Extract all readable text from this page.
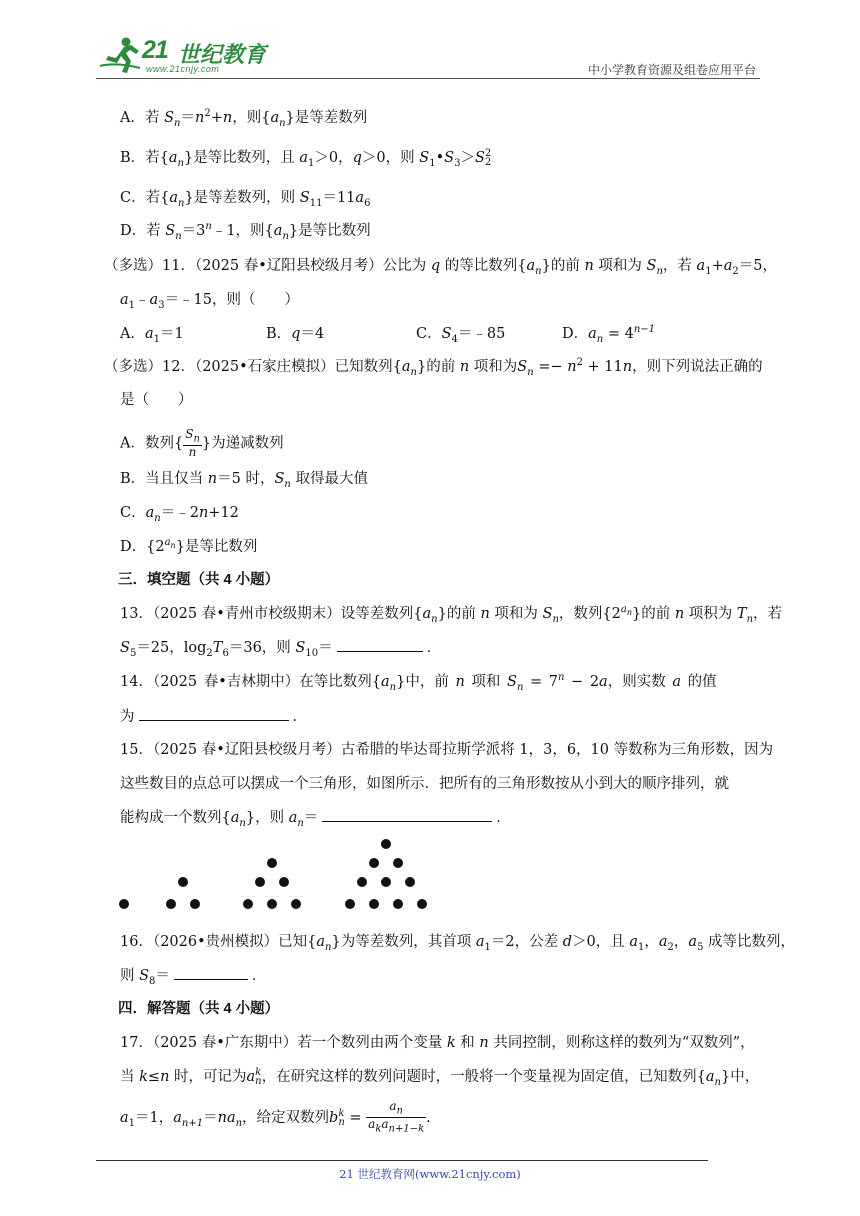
21 世纪教育
www.21cnjy.com	中小学教育资源及组卷应用平台
A．若 $S_n=n^2+n$，则$\{a_n\}$是等差数列
B．若$\{a_n\}$是等比数列，且 $a_1>0$，q＞0，则 $S_1•S_3>S$ 2
2
C．若$\{a_n\}$是等差数列，则 $S_{11}=11a_6$
D．若 $S_n=3^n﹣1$，则$\{a_n\}$是等比数列
（多选）11．（2025 春•辽阳县校级月考）公比为 q 的等比数列$\{a_n\}$的前 n 项和为 $S_n$，若 $a_1+a_2=5$，
$a_1﹣a_3=﹣15$，则（　　）
A．$a_1=1$	B．q＝4	C．$S_4=﹣85$	D．$a_n = 4^{n-1}$
（多选）12．（2025•石家庄模拟）已知数列$\{a_n\}$的前 n 项和为$S_n =- n^2 + 11n$，则下列说法正确的
是（　　）
A．数列{ $\frac{S_n}{n}$ }为递减数列
B．当且仅当 n＝5 时，$S_n$ 取得最大值
C．$a_n=﹣2n+12$
D．$\{2^{a_n}\}$是等比数列
三．填空题（共 4 小题）
13．（2025 春•青州市校级期末）设等差数列$\{a_n\}$的前 n 项和为 $S_n$，数列$\{2^{a_n}\}$的前 n 项积为 $T_n$，若
$S_5=25$，$\log_2T_6=36$，则 $S_{10}=$	．
14．（2025 春•吉林期中）在等比数列$\{a_n\}$中，前 n 项和 $S_n = 7^n - 2a$，则实数 a 的值
为	．
15．（2025 春•辽阳县校级月考）古希腊的毕达哥拉斯学派将 1，3，6，10 等数称为三角形数，因为
这些数目的点总可以摆成一个三角形，如图所示．把所有的三角形数按从小到大的顺序排列，就
能构成一个数列$\{a_n\}$，则 $a_n=$	．
16．（2026•贵州模拟）已知$\{a_n\}$为等差数列，其首项 $a_1=2$，公差 d＞0，且 $a_1$，$a_2$，$a_5$ 成等比数列，
则 $S_8=$	．
四．解答题（共 4 小题）
17．（2025 春•广东期中）若一个数列由两个变量 k 和 n 共同控制，则称这样的数列为“双数列”，
当 k≤n 时，可记为a k
n ，在研究这样的数列问题时，一般将一个变量视为固定值，已知数列$\{a_n\}$中，
$a_1=1$，$a_{n+1}=na_n$，给定双数列b k
$n = \frac{a_n}{a_ka_{n+1-k}}$ .
21 世纪教育网(www.21cnjy.com)
